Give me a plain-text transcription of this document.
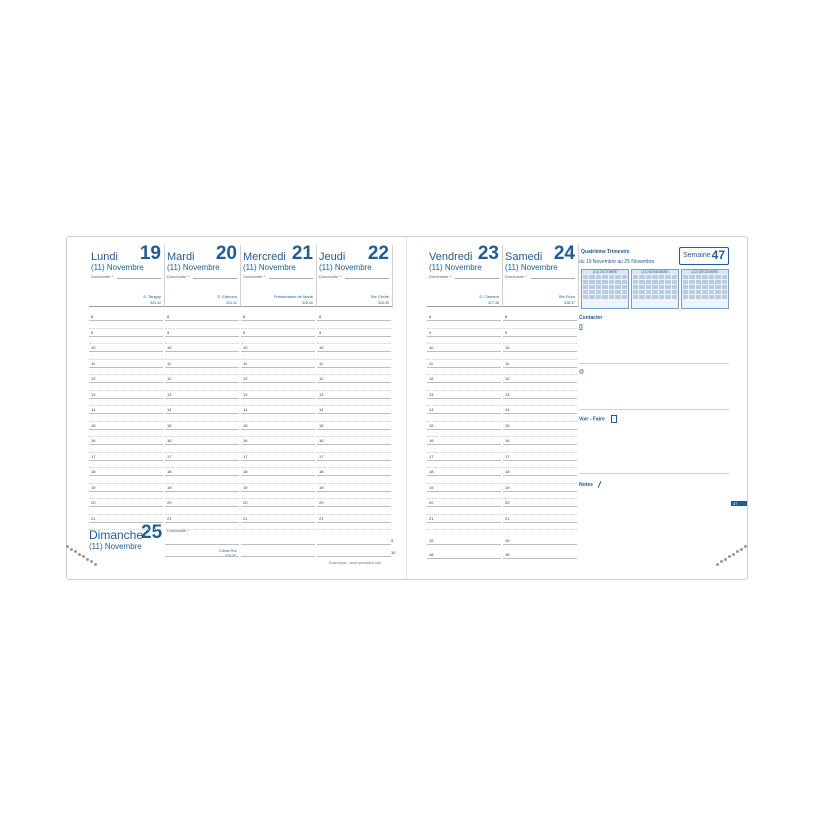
Lundi 19
(11) Novembre
Dominante *
S. Tanguy
323-42
Mardi 20
(11) Novembre
Dominante *
S. Edmond
324-41
Mercredi 21
(11) Novembre
Dominante *
Présentation de Marie
325-40
Jeudi 22
(11) Novembre
Dominante *
Ste Cécile
326-39
Dimanche
25
(11) Novembre
Dominante *
Christ Roi
329-36
Exacompta - www.quovadisfi.com
8
9
10
11
12
13
14
15
16
17
18
19
20
21
8
9
10
11
12
13
14
15
16
17
18
19
20
21
8
9
10
11
12
13
14
15
16
17
18
19
20
21
8
9
10
11
12
13
14
15
16
17
18
19
20
21
9
10
Vendredi 23
(11) Novembre
Dominante *
S. Clément
327-38
Samedi 24
(11) Novembre
Dominante *
Ste Flora
328-37
8
9
10
11
12
13
14
15
16
17
18
19
20
21
8
9
10
11
12
13
14
15
16
17
18
19
20
21
15	15
16	16
Quatrième Trimestre
du 19 Novembre au 25 Novembre
Semaine 47
(10) OCTOBRE	(11) NOVEMBRE	(12) DÉCEMBRE
Contacter
▯
@
Voir - Faire
Notes
47
